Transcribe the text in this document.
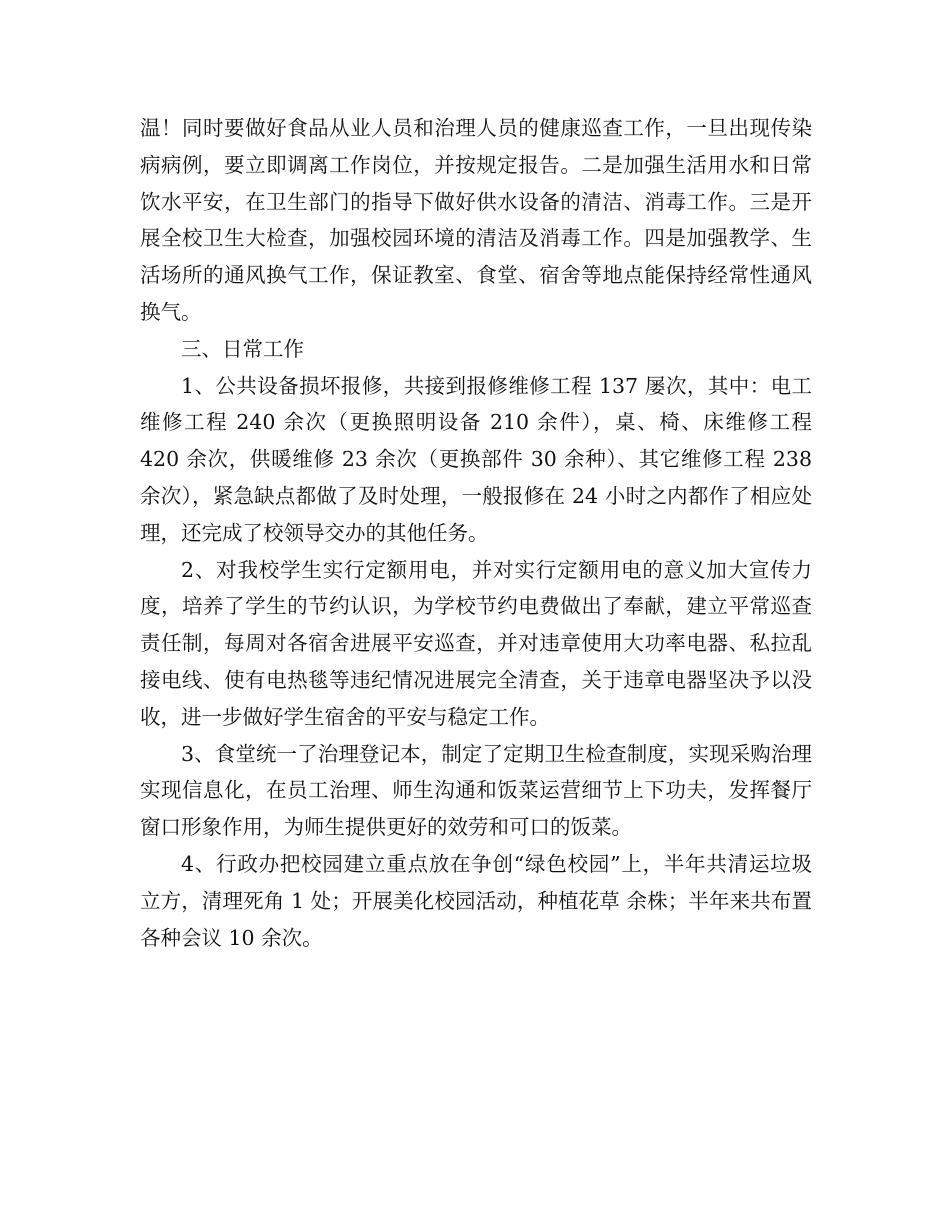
温！同时要做好食品从业人员和治理人员的健康巡查工作，一旦出现传染病病例，要立即调离工作岗位，并按规定报告。二是加强生活用水和日常饮水平安，在卫生部门的指导下做好供水设备的清洁、消毒工作。三是开展全校卫生大检查，加强校园环境的清洁及消毒工作。四是加强教学、生活场所的通风换气工作，保证教室、食堂、宿舍等地点能保持经常性通风换气。

三、日常工作

1、公共设备损坏报修，共接到报修维修工程 137 屡次，其中：电工维修工程 240 余次（更换照明设备 210 余件），桌、椅、床维修工程 420 余次，供暖维修 23 余次（更换部件 30 余种）、其它维修工程 238 余次），紧急缺点都做了及时处理，一般报修在 24 小时之内都作了相应处理，还完成了校领导交办的其他任务。

2、对我校学生实行定额用电，并对实行定额用电的意义加大宣传力度，培养了学生的节约认识，为学校节约电费做出了奉献，建立平常巡查责任制，每周对各宿舍进展平安巡查，并对违章使用大功率电器、私拉乱接电线、使有电热毯等违纪情况进展完全清查，关于违章电器坚决予以没收，进一步做好学生宿舍的平安与稳定工作。

3、食堂统一了治理登记本，制定了定期卫生检查制度，实现采购治理实现信息化，在员工治理、师生沟通和饭菜运营细节上下功夫，发挥餐厅窗口形象作用，为师生提供更好的效劳和可口的饭菜。

4、行政办把校园建立重点放在争创“绿色校园”上，半年共清运垃圾 立方，清理死角 1 处；开展美化校园活动，种植花草 余株；半年来共布置各种会议 10 余次。
